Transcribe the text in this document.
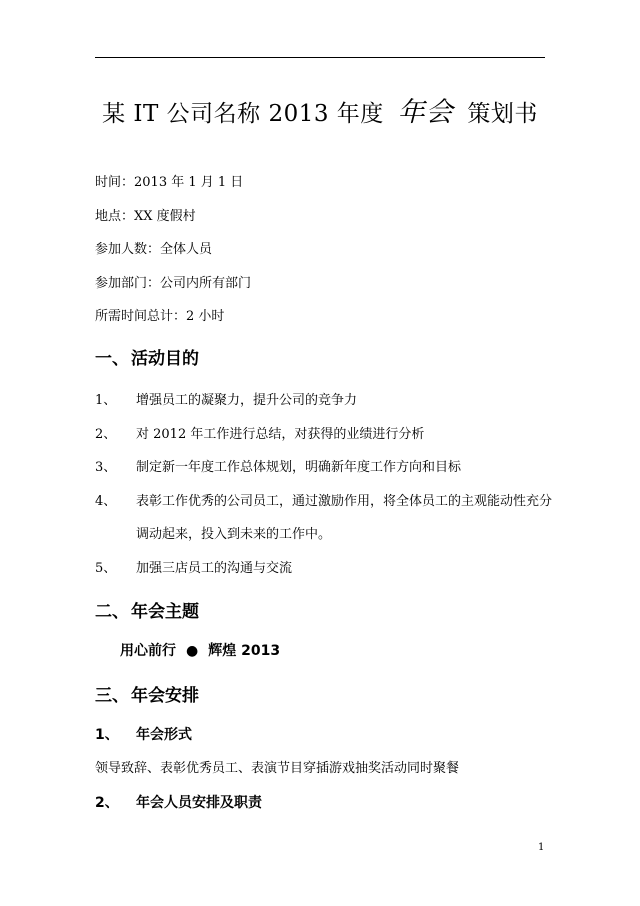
某 IT 公司名称 2013 年度 年会 策划书
时间：2013 年 1 月 1 日
地点：XX 度假村
参加人数：全体人员
参加部门：公司内所有部门
所需时间总计：2 小时
一、 活动目的
1、 增强员工的凝聚力，提升公司的竞争力
2、 对 2012 年工作进行总结，对获得的业绩进行分析
3、 制定新一年度工作总体规划，明确新年度工作方向和目标
4、 表彰工作优秀的公司员工，通过激励作用，将全体员工的主观能动性充分
调动起来，投入到未来的工作中。
5、 加强三店员工的沟通与交流
二、 年会主题
用心前行 ● 辉煌 2013
三、 年会安排
1、 年会形式
领导致辞、表彰优秀员工、表演节目穿插游戏抽奖活动同时聚餐
2、 年会人员安排及职责
1
